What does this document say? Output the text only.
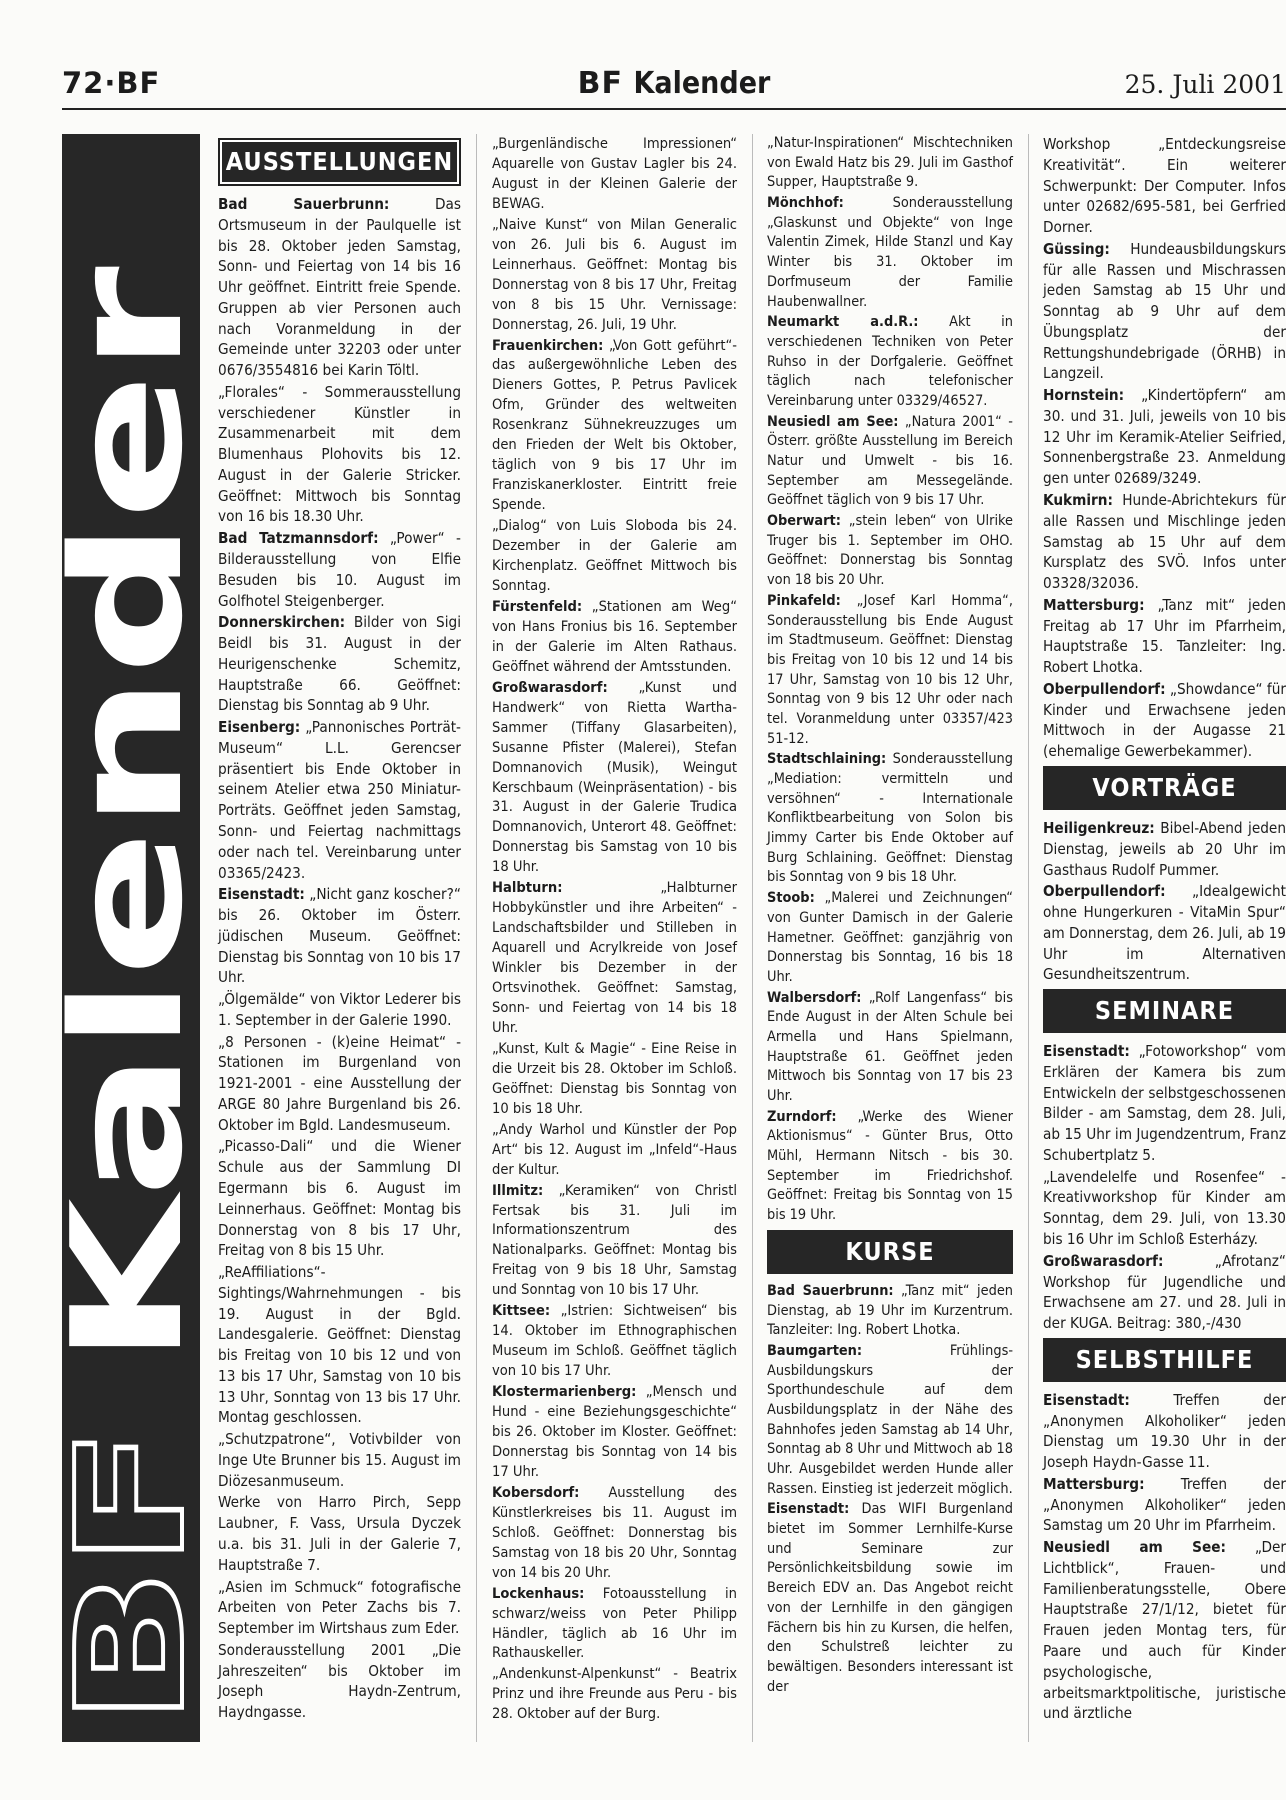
72·BF	BF Kalender	25. Juli 2001
Kalender
BF
AUSSTELLUNGEN

Bad Sauerbrunn: Das Ortsmuseum in der Paulquelle ist bis 28. Oktober jeden Samstag, Sonn- und Feiertag von 14 bis 16 Uhr geöffnet. Eintritt freie Spende. Gruppen ab vier Personen auch nach Voranmeldung in der Gemeinde unter 32203 oder unter 0676/3554816 bei Karin Töltl.

„Florales“ - Sommerausstellung verschiedener Künstler in Zusammenarbeit mit dem Blumenhaus Plohovits bis 12. August in der Galerie Stricker. Geöffnet: Mittwoch bis Sonntag von 16 bis 18.30 Uhr.

Bad Tatzmannsdorf: „Power“ - Bilderausstellung von Elfie Besuden bis 10. August im Golfhotel Steigenberger.

Donnerskirchen: Bilder von Sigi Beidl bis 31. August in der Heurigenschenke Schemitz, Hauptstraße 66. Geöffnet: Dienstag bis Sonntag ab 9 Uhr.

Eisenberg: „Pannonisches Porträt-Museum“ L.L. Gerencser präsentiert bis Ende Oktober in seinem Atelier etwa 250 Miniatur-Porträts. Geöffnet jeden Samstag, Sonn- und Feiertag nachmittags oder nach tel. Vereinbarung unter 03365/2423.

Eisenstadt: „Nicht ganz koscher?“ bis 26. Oktober im Österr. jüdischen Museum. Geöffnet: Dienstag bis Sonntag von 10 bis 17 Uhr.

„Ölgemälde“ von Viktor Lederer bis 1. September in der Galerie 1990.

„8 Personen - (k)eine Heimat“ - Stationen im Burgenland von 1921-2001 - eine Ausstellung der ARGE 80 Jahre Burgenland bis 26. Oktober im Bgld. Landesmuseum.

„Picasso-Dali“ und die Wiener Schule aus der Sammlung DI Egermann bis 6. August im Leinnerhaus. Geöffnet: Montag bis Donnerstag von 8 bis 17 Uhr, Freitag von 8 bis 15 Uhr.

„ReAffiliations“- Sightings/Wahrnehmungen - bis 19. August in der Bgld. Landesgalerie. Geöffnet: Dienstag bis Freitag von 10 bis 12 und von 13 bis 17 Uhr, Samstag von 10 bis 13 Uhr, Sonntag von 13 bis 17 Uhr. Montag geschlossen.

„Schutzpatrone“, Votivbilder von Inge Ute Brunner bis 15. August im Diözesanmuseum.

Werke von Harro Pirch, Sepp Laubner, F. Vass, Ursula Dyczek u.a. bis 31. Juli in der Galerie 7, Hauptstraße 7.

„Asien im Schmuck“ fotografische Arbeiten von Peter Zachs bis 7. September im Wirtshaus zum Eder.

Sonderausstellung 2001 „Die Jahreszeiten“ bis Oktober im Joseph Haydn-Zentrum, Haydngasse.

„Burgenländische Impressionen“ Aquarelle von Gustav Lagler bis 24. August in der Kleinen Galerie der BEWAG.

„Naive Kunst“ von Milan Generalic von 26. Juli bis 6. August im Leinnerhaus. Geöffnet: Montag bis Donnerstag von 8 bis 17 Uhr, Freitag von 8 bis 15 Uhr. Vernissage: Donnerstag, 26. Juli, 19 Uhr.

Frauenkirchen: „Von Gott geführt“- das außergewöhnliche Leben des Dieners Gottes, P. Petrus Pavlicek Ofm, Gründer des weltweiten Rosenkranz Sühnekreuzzuges um den Frieden der Welt bis Oktober, täglich von 9 bis 17 Uhr im Franziskanerkloster. Eintritt freie Spende.

„Dialog“ von Luis Sloboda bis 24. Dezember in der Galerie am Kirchenplatz. Geöffnet Mittwoch bis Sonntag.

Fürstenfeld: „Stationen am Weg“ von Hans Fronius bis 16. September in der Galerie im Alten Rathaus. Geöffnet während der Amtsstunden.

Großwarasdorf: „Kunst und Handwerk“ von Rietta Wartha-Sammer (Tiffany Glasarbeiten), Susanne Pfister (Malerei), Stefan Domnanovich (Musik), Weingut Kerschbaum (Weinpräsentation) - bis 31. August in der Galerie Trudica Domnanovich, Unterort 48. Geöffnet: Donnerstag bis Samstag von 10 bis 18 Uhr.

Halbturn: „Halbturner Hobbykünstler und ihre Arbeiten“ - Landschaftsbilder und Stilleben in Aquarell und Acrylkreide von Josef Winkler bis Dezember in der Ortsvinothek. Geöffnet: Samstag, Sonn- und Feiertag von 14 bis 18 Uhr.

„Kunst, Kult & Magie“ - Eine Reise in die Urzeit bis 28. Oktober im Schloß. Geöffnet: Dienstag bis Sonntag von 10 bis 18 Uhr.

„Andy Warhol und Künstler der Pop Art“ bis 12. August im „Infeld“-Haus der Kultur.

Illmitz: „Keramiken“ von Christl Fertsak bis 31. Juli im Informationszentrum des Nationalparks. Geöffnet: Montag bis Freitag von 9 bis 18 Uhr, Samstag und Sonntag von 10 bis 17 Uhr.

Kittsee: „Istrien: Sichtweisen“ bis 14. Oktober im Ethnographischen Museum im Schloß. Geöffnet täglich von 10 bis 17 Uhr.

Klostermarienberg: „Mensch und Hund - eine Beziehungsgeschichte“ bis 26. Oktober im Kloster. Geöffnet: Donnerstag bis Sonntag von 14 bis 17 Uhr.

Kobersdorf: Ausstellung des Künstlerkreises bis 11. August im Schloß. Geöffnet: Donnerstag bis Samstag von 18 bis 20 Uhr, Sonntag von 14 bis 20 Uhr.

Lockenhaus: Fotoausstellung in schwarz/weiss von Peter Philipp Händler, täglich ab 16 Uhr im Rathauskeller.

„Andenkunst-Alpenkunst“ - Beatrix Prinz und ihre Freunde aus Peru - bis 28. Oktober auf der Burg.

„Natur-Inspirationen“ Mischtechniken von Ewald Hatz bis 29. Juli im Gasthof Supper, Hauptstraße 9.

Mönchhof: Sonderausstellung „Glaskunst und Objekte“ von Inge Valentin Zimek, Hilde Stanzl und Kay Winter bis 31. Oktober im Dorfmuseum der Familie Haubenwallner.

Neumarkt a.d.R.: Akt in verschiedenen Techniken von Peter Ruhso in der Dorfgalerie. Geöffnet täglich nach telefonischer Vereinbarung unter 03329/46527.

Neusiedl am See: „Natura 2001“ - Österr. größte Ausstellung im Bereich Natur und Umwelt - bis 16. September am Messegelände. Geöffnet täglich von 9 bis 17 Uhr.

Oberwart: „stein leben“ von Ulrike Truger bis 1. September im OHO. Geöffnet: Donnerstag bis Sonntag von 18 bis 20 Uhr.

Pinkafeld: „Josef Karl Homma“, Sonderausstellung bis Ende August im Stadtmuseum. Geöffnet: Dienstag bis Freitag von 10 bis 12 und 14 bis 17 Uhr, Samstag von 10 bis 12 Uhr, Sonntag von 9 bis 12 Uhr oder nach tel. Voranmeldung unter 03357/423 51-12.

Stadtschlaining: Sonderausstellung „Mediation: vermitteln und versöhnen“ - Internationale Konfliktbearbeitung von Solon bis Jimmy Carter bis Ende Oktober auf Burg Schlaining. Geöffnet: Dienstag bis Sonntag von 9 bis 18 Uhr.

Stoob: „Malerei und Zeichnungen“ von Gunter Damisch in der Galerie Hametner. Geöffnet: ganzjährig von Donnerstag bis Sonntag, 16 bis 18 Uhr.

Walbersdorf: „Rolf Langenfass“ bis Ende August in der Alten Schule bei Armella und Hans Spielmann, Hauptstraße 61. Geöffnet jeden Mittwoch bis Sonntag von 17 bis 23 Uhr.

Zurndorf: „Werke des Wiener Aktionismus“ - Günter Brus, Otto Mühl, Hermann Nitsch - bis 30. September im Friedrichshof. Geöffnet: Freitag bis Sonntag von 15 bis 19 Uhr.

KURSE

Bad Sauerbrunn: „Tanz mit“ jeden Dienstag, ab 19 Uhr im Kurzentrum. Tanzleiter: Ing. Robert Lhotka.

Baumgarten: Frühlings-Ausbildungskurs der Sporthundeschule auf dem Ausbildungsplatz in der Nähe des Bahnhofes jeden Samstag ab 14 Uhr, Sonntag ab 8 Uhr und Mittwoch ab 18 Uhr. Ausgebildet werden Hunde aller Rassen. Einstieg ist jederzeit möglich.

Eisenstadt: Das WIFI Burgenland bietet im Sommer Lernhilfe-Kurse und Seminare zur Persönlichkeitsbildung sowie im Bereich EDV an. Das Angebot reicht von der Lernhilfe in den gängigen Fächern bis hin zu Kursen, die helfen, den Schulstreß leichter zu bewältigen. Besonders interessant ist der

Workshop „Entdeckungsreise Kreativität“. Ein weiterer Schwerpunkt: Der Computer. Infos unter 02682/695-581, bei Gerfried Dorner.

Güssing: Hundeausbildungskurs für alle Rassen und Mischrassen jeden Samstag ab 15 Uhr und Sonntag ab 9 Uhr auf dem Übungsplatz der Rettungshundebrigade (ÖRHB) in Langzeil.

Hornstein: „Kindertöpfern“ am 30. und 31. Juli, jeweils von 10 bis 12 Uhr im Keramik-Atelier Seifried, Sonnenbergstraße 23. Anmeldung gen unter 02689/3249.

Kukmirn: Hunde-Abrichtekurs für alle Rassen und Mischlinge jeden Samstag ab 15 Uhr auf dem Kursplatz des SVÖ. Infos unter 03328/32036.

Mattersburg: „Tanz mit“ jeden Freitag ab 17 Uhr im Pfarrheim, Hauptstraße 15. Tanzleiter: Ing. Robert Lhotka.

Oberpullendorf: „Showdance“ für Kinder und Erwachsene jeden Mittwoch in der Augasse 21 (ehemalige Gewerbekammer).

VORTRÄGE

Heiligenkreuz: Bibel-Abend jeden Dienstag, jeweils ab 20 Uhr im Gasthaus Rudolf Pummer.

Oberpullendorf: „Idealgewicht ohne Hungerkuren - VitaMin Spur“ am Donnerstag, dem 26. Juli, ab 19 Uhr im Alternativen Gesundheitszentrum.

SEMINARE

Eisenstadt: „Fotoworkshop“ vom Erklären der Kamera bis zum Entwickeln der selbstgeschossenen Bilder - am Samstag, dem 28. Juli, ab 15 Uhr im Jugendzentrum, Franz Schubertplatz 5.

„Lavendelelfe und Rosenfee“ - Kreativworkshop für Kinder am Sonntag, dem 29. Juli, von 13.30 bis 16 Uhr im Schloß Esterházy.

Großwarasdorf: „Afrotanz“ Workshop für Jugendliche und Erwachsene am 27. und 28. Juli in der KUGA. Beitrag: 380,-/430

SELBSTHILFE

Eisenstadt: Treffen der „Anonymen Alkoholiker“ jeden Dienstag um 19.30 Uhr in der Joseph Haydn-Gasse 11.

Mattersburg: Treffen der „Anonymen Alkoholiker“ jeden Samstag um 20 Uhr im Pfarrheim.

Neusiedl am See: „Der Lichtblick“, Frauen- und Familienberatungsstelle, Obere Hauptstraße 27/1/12, bietet für Frauen jeden Montag ters, für Paare und auch für Kinder psychologische, arbeitsmarktpolitische, juristische und ärztliche
